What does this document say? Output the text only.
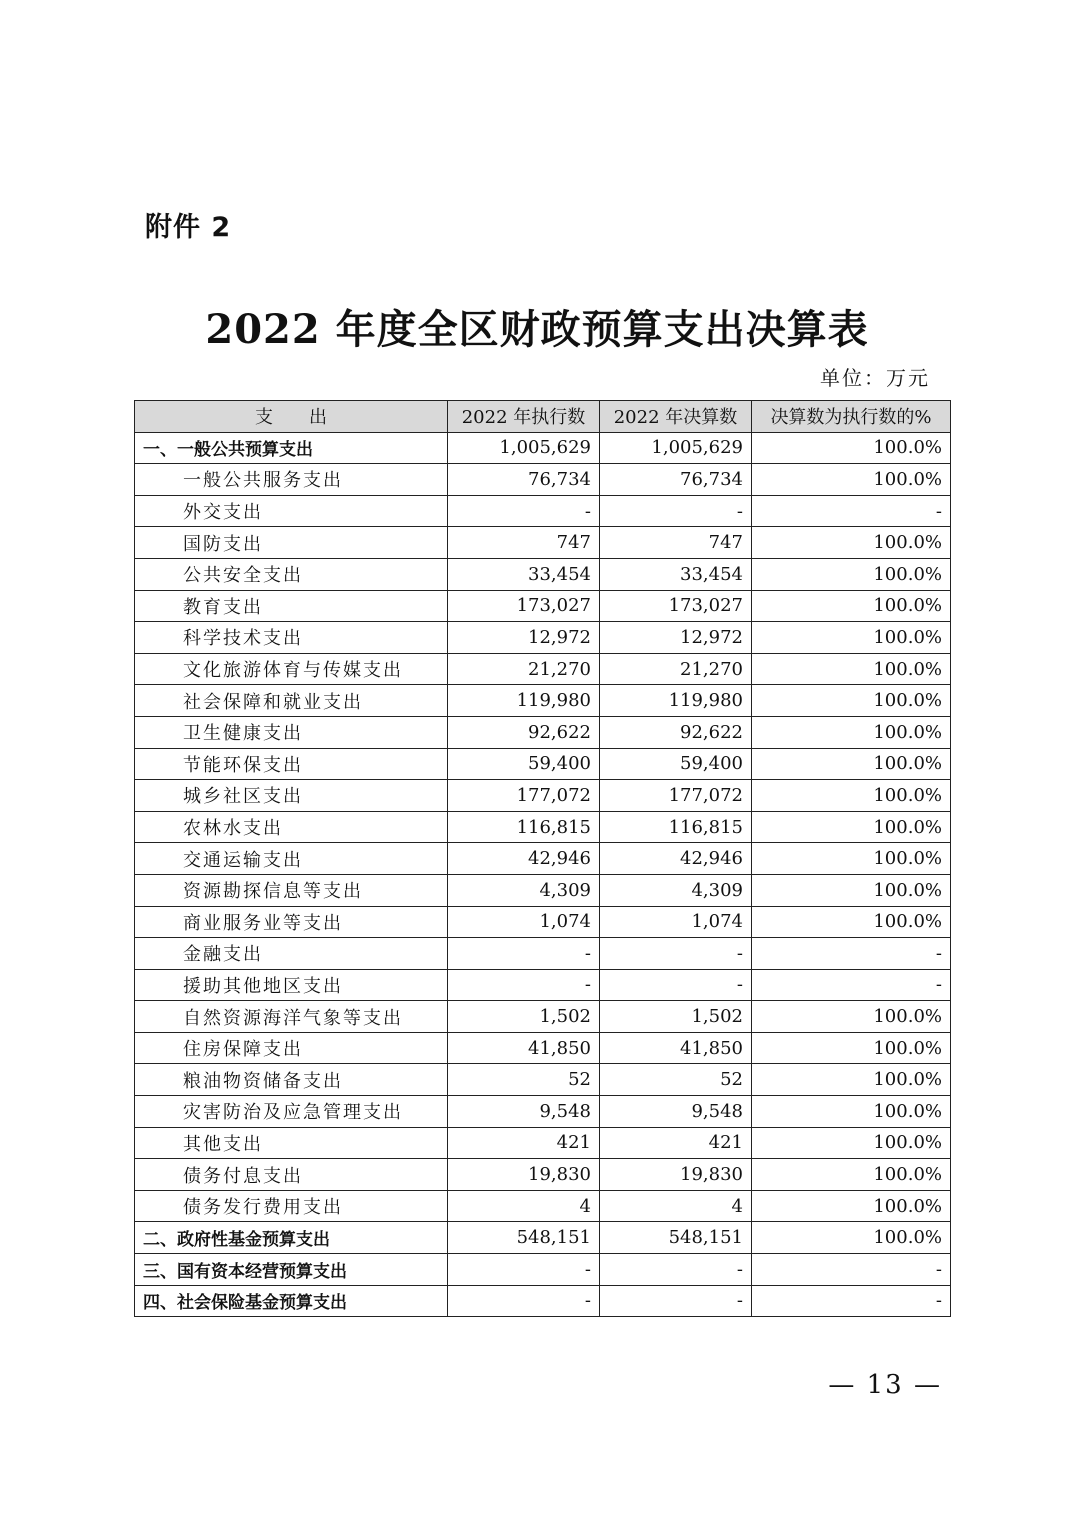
附件 2
2022 年度全区财政预算支出决算表
单位：万元
支　　出	2022 年执行数	2022 年决算数	决算数为执行数的%
一、一般公共预算支出	1,005,629	1,005,629	100.0%
一般公共服务支出	76,734	76,734	100.0%
外交支出	-	-	-
国防支出	747	747	100.0%
公共安全支出	33,454	33,454	100.0%
教育支出	173,027	173,027	100.0%
科学技术支出	12,972	12,972	100.0%
文化旅游体育与传媒支出	21,270	21,270	100.0%
社会保障和就业支出	119,980	119,980	100.0%
卫生健康支出	92,622	92,622	100.0%
节能环保支出	59,400	59,400	100.0%
城乡社区支出	177,072	177,072	100.0%
农林水支出	116,815	116,815	100.0%
交通运输支出	42,946	42,946	100.0%
资源勘探信息等支出	4,309	4,309	100.0%
商业服务业等支出	1,074	1,074	100.0%
金融支出	-	-	-
援助其他地区支出	-	-	-
自然资源海洋气象等支出	1,502	1,502	100.0%
住房保障支出	41,850	41,850	100.0%
粮油物资储备支出	52	52	100.0%
灾害防治及应急管理支出	9,548	9,548	100.0%
其他支出	421	421	100.0%
债务付息支出	19,830	19,830	100.0%
债务发行费用支出	4	4	100.0%
二、政府性基金预算支出	548,151	548,151	100.0%
三、国有资本经营预算支出	-	-	-
四、社会保险基金预算支出	-	-	-
— 13 —
